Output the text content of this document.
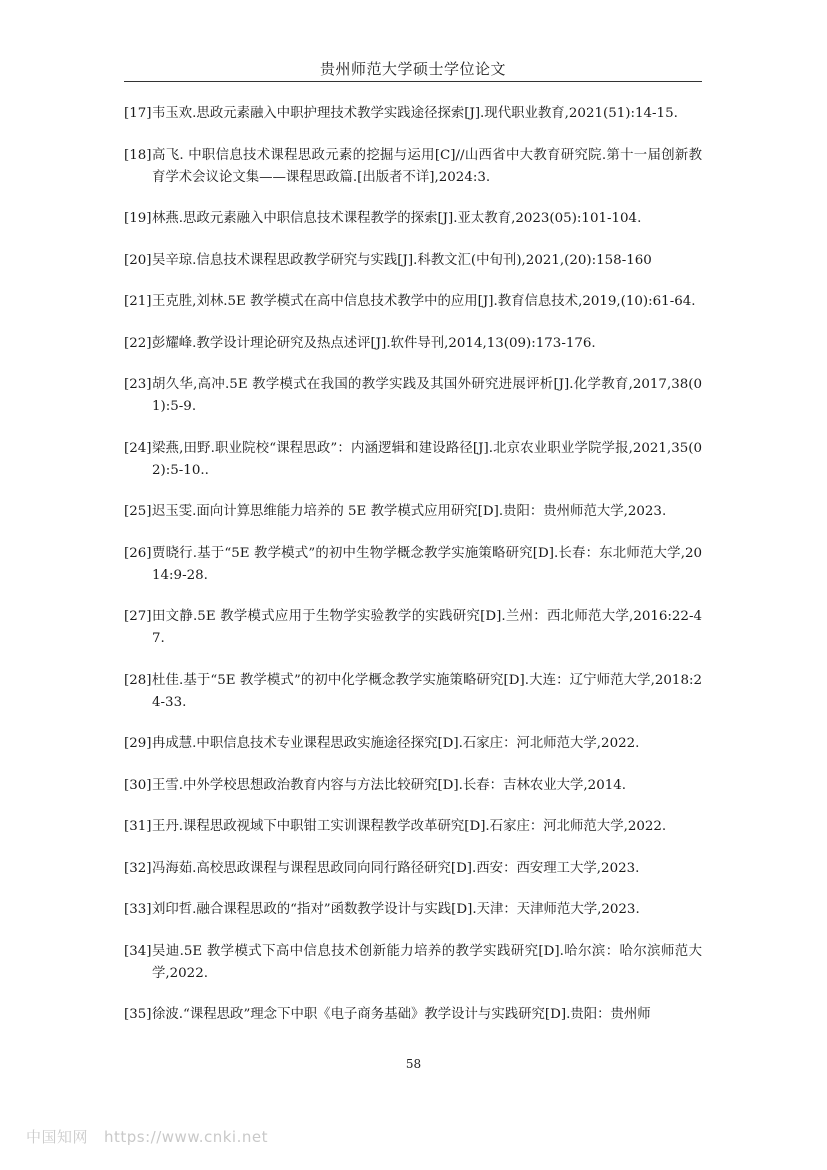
贵州师范大学硕士学位论文
[17] 韦玉欢.思政元素融入中职护理技术教学实践途径探索[J].现代职业教育,2021(51):14-15.
[18] 高飞. 中职信息技术课程思政元素的挖掘与运用[C]//山西省中大教育研究院.第十一届创新教育学术会议论文集——课程思政篇.[出版者不详],2024:3.
[19] 林燕.思政元素融入中职信息技术课程教学的探索[J].亚太教育,2023(05):101-104.
[20] 吴辛琼.信息技术课程思政教学研究与实践[J].科教文汇(中旬刊),2021,(20):158-160
[21] 王克胜,刘林.5E 教学模式在高中信息技术教学中的应用[J].教育信息技术,2019,(10):61-64.
[22] 彭耀峰.教学设计理论研究及热点述评[J].软件导刊,2014,13(09):173-176.
[23] 胡久华,高冲.5E 教学模式在我国的教学实践及其国外研究进展评析[J].化学教育,2017,38(01):5-9.
[24] 梁燕,田野.职业院校“课程思政”：内涵逻辑和建设路径[J].北京农业职业学院学报,2021,35(02):5-10..
[25] 迟玉雯.面向计算思维能力培养的 5E 教学模式应用研究[D].贵阳：贵州师范大学,2023.
[26] 贾晓行.基于“5E 教学模式”的初中生物学概念教学实施策略研究[D].长春：东北师范大学,2014:9-28.
[27] 田文静.5E 教学模式应用于生物学实验教学的实践研究[D].兰州：西北师范大学,2016:22-47.
[28] 杜佳.基于“5E 教学模式”的初中化学概念教学实施策略研究[D].大连：辽宁师范大学,2018:24-33.
[29] 冉成慧.中职信息技术专业课程思政实施途径探究[D].石家庄：河北师范大学,2022.
[30] 王雪.中外学校思想政治教育内容与方法比较研究[D].长春：吉林农业大学,2014.
[31] 王丹.课程思政视域下中职钳工实训课程教学改革研究[D].石家庄：河北师范大学,2022.
[32] 冯海茹.高校思政课程与课程思政同向同行路径研究[D].西安：西安理工大学,2023.
[33] 刘印哲.融合课程思政的“指对”函数教学设计与实践[D].天津：天津师范大学,2023.
[34] 吴迪.5E 教学模式下高中信息技术创新能力培养的教学实践研究[D].哈尔滨：哈尔滨师范大学,2022.
[35] 徐波.“课程思政”理念下中职《电子商务基础》教学设计与实践研究[D].贵阳：贵州师
58
中国知网 https://www.cnki.net
